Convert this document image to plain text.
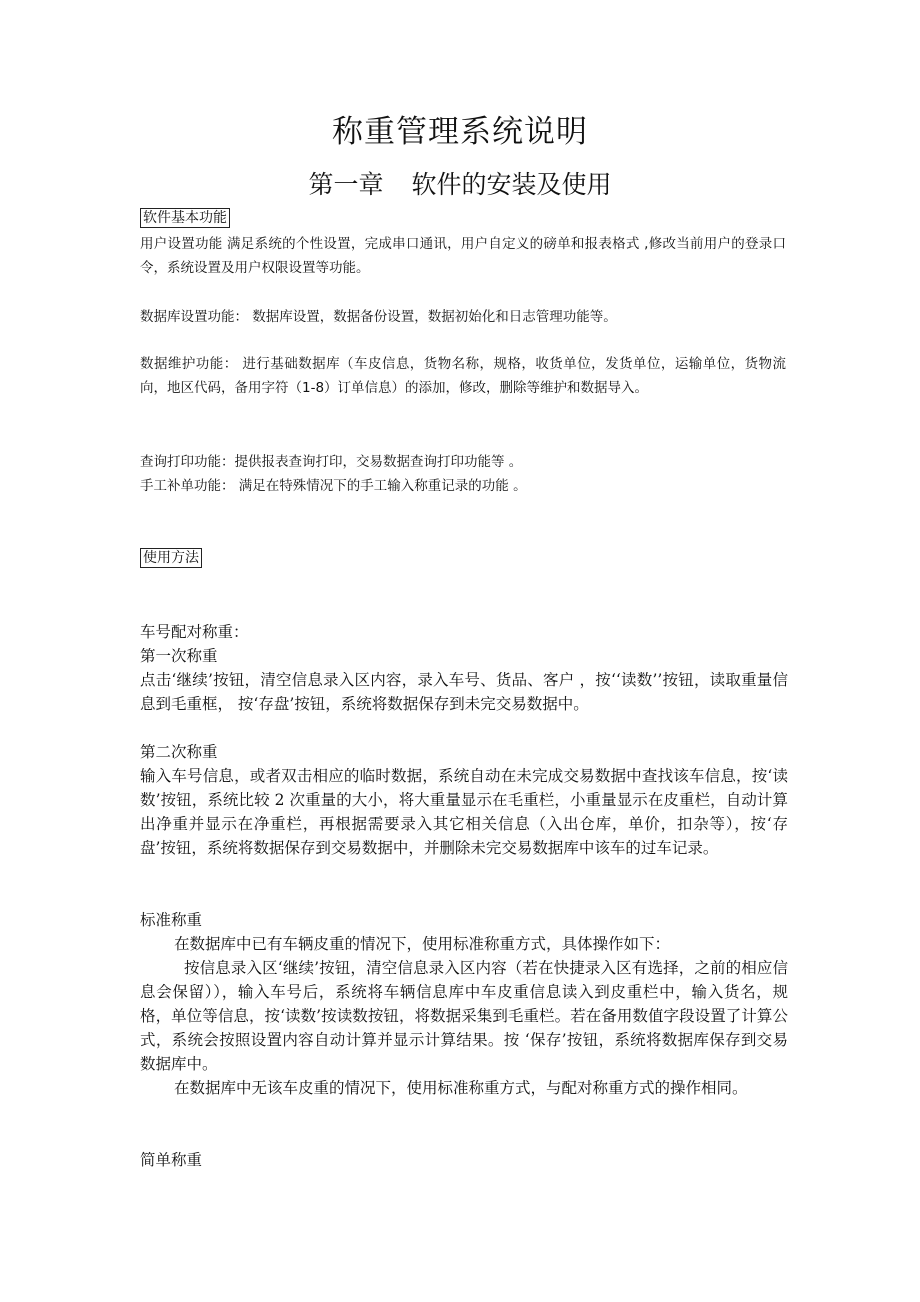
称重管理系统说明
第一章 软件的安装及使用
软件基本功能
用户设置功能 满足系统的个性设置，完成串口通讯，用户自定义的磅单和报表格式 ,修改当前用户的登录口令，系统设置及用户权限设置等功能。
数据库设置功能： 数据库设置，数据备份设置，数据初始化和日志管理功能等。
数据维护功能： 进行基础数据库（车皮信息，货物名称，规格，收货单位，发货单位，运输单位，货物流向，地区代码，备用字符（1-8）订单信息）的添加，修改，删除等维护和数据导入。
查询打印功能：提供报表查询打印，交易数据查询打印功能等 。
手工补单功能： 满足在特殊情况下的手工输入称重记录的功能 。
使用方法
车号配对称重：
第一次称重
点击‘继续’按钮，清空信息录入区内容，录入车号、货品、客户 ，按‘‘读数’’按钮，读取重量信息到毛重框， 按‘存盘’按钮，系统将数据保存到未完交易数据中。
第二次称重
输入车号信息，或者双击相应的临时数据，系统自动在未完成交易数据中查找该车信息，按‘读数’按钮，系统比较 2 次重量的大小，将大重量显示在毛重栏，小重量显示在皮重栏，自动计算出净重并显示在净重栏，再根据需要录入其它相关信息（入出仓库，单价，扣杂等），按‘存盘’按钮，系统将数据保存到交易数据中，并删除未完交易数据库中该车的过车记录。
标准称重
在数据库中已有车辆皮重的情况下，使用标准称重方式，具体操作如下：
按信息录入区‘继续’按钮，清空信息录入区内容（若在快捷录入区有选择，之前的相应信息会保留）），输入车号后，系统将车辆信息库中车皮重信息读入到皮重栏中，输入货名，规格，单位等信息，按‘读数’按读数按钮，将数据采集到毛重栏。若在备用数值字段设置了计算公式，系统会按照设置内容自动计算并显示计算结果。按 ‘保存’按钮，系统将数据库保存到交易数据库中。
在数据库中无该车皮重的情况下，使用标准称重方式，与配对称重方式的操作相同。
简单称重
